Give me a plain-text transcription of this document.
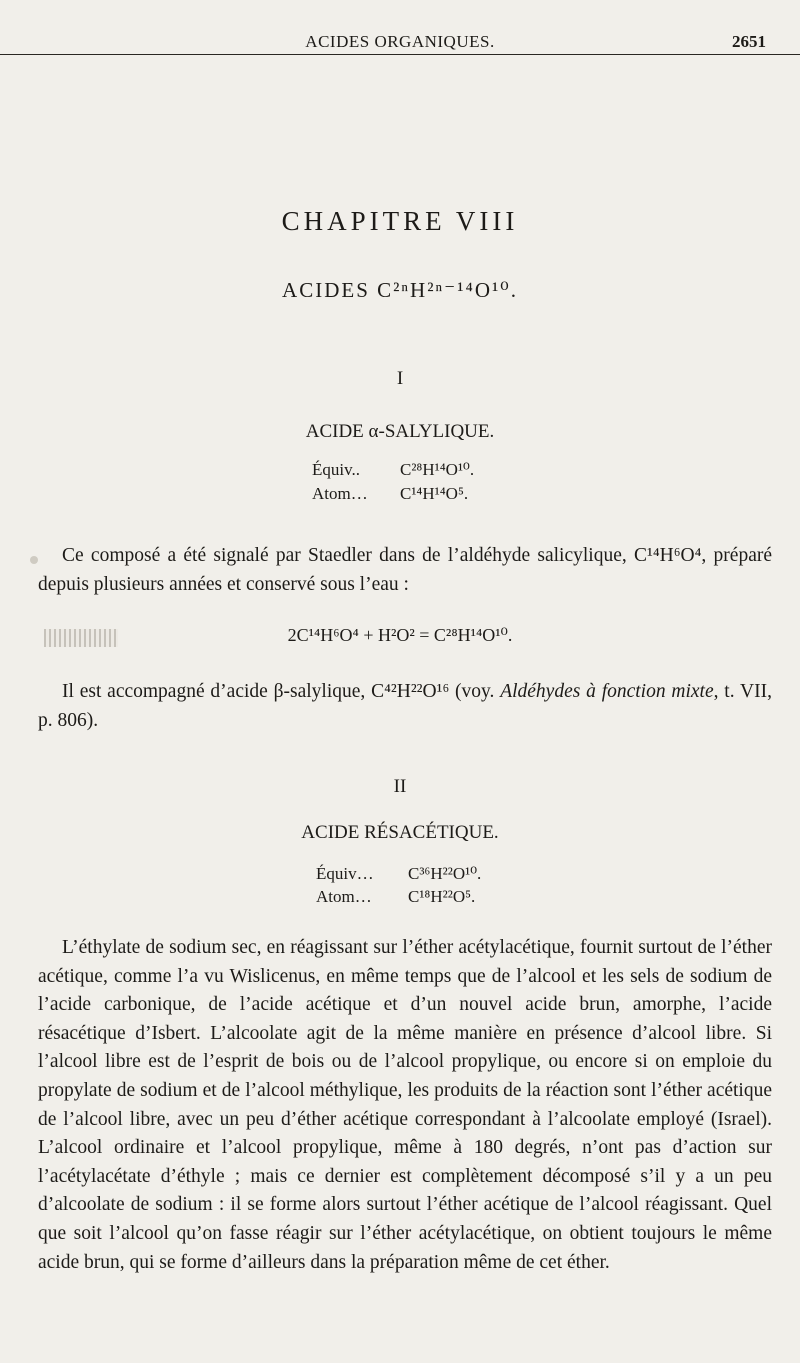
ACIDES ORGANIQUES.	2651
CHAPITRE VIII
ACIDES C²ⁿH²ⁿ⁻¹⁴O¹⁰.
I
ACIDE α-SALYLIQUE.
Équiv.. C²⁸H¹⁴O¹⁰.
Atom… C¹⁴H¹⁴O⁵.

Ce composé a été signalé par Staedler dans de l’aldéhyde salicylique, C¹⁴H⁶O⁴, préparé depuis plusieurs années et conservé sous l’eau :

2C¹⁴H⁶O⁴ + H²O² = C²⁸H¹⁴O¹⁰.

Il est accompagné d’acide β-salylique, C⁴²H²²O¹⁶ (voy. Aldéhydes à fonction mixte, t. VII, p. 806).

II
ACIDE RÉSACÉTIQUE.
Équiv… C³⁶H²²O¹⁰.
Atom… C¹⁸H²²O⁵.

L’éthylate de sodium sec, en réagissant sur l’éther acétylacétique, fournit surtout de l’éther acétique, comme l’a vu Wislicenus, en même temps que de l’alcool et les sels de sodium de l’acide carbonique, de l’acide acétique et d’un nouvel acide brun, amorphe, l’acide résacétique d’Isbert. L’alcoolate agit de la même manière en présence d’alcool libre. Si l’alcool libre est de l’esprit de bois ou de l’alcool propylique, ou encore si on emploie du propylate de sodium et de l’alcool méthylique, les produits de la réaction sont l’éther acétique de l’alcool libre, avec un peu d’éther acétique correspondant à l’alcoolate employé (Israel). L’alcool ordinaire et l’alcool propylique, même à 180 degrés, n’ont pas d’action sur l’acétylacétate d’éthyle ; mais ce dernier est complètement décomposé s’il y a un peu d’alcoolate de sodium : il se forme alors surtout l’éther acétique de l’alcool réagissant. Quel que soit l’alcool qu’on fasse réagir sur l’éther acétylacétique, on obtient toujours le même acide brun, qui se forme d’ailleurs dans la préparation même de cet éther.
